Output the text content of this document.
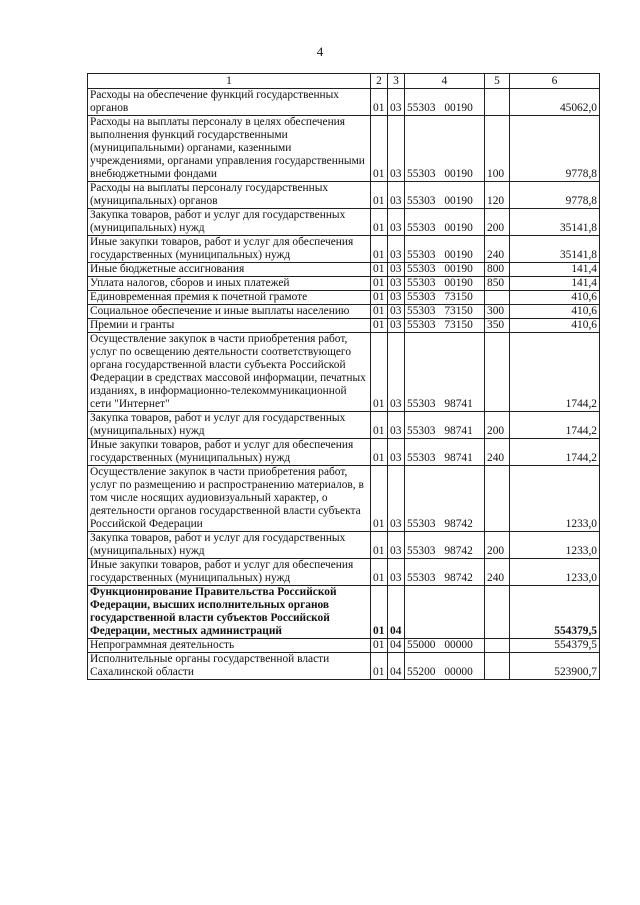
4
1	2	3	4	5	6
Расходы на обеспечение функций государственных органов	01	03	55303 00190		45062,0
Расходы на выплаты персоналу в целях обеспечения выполнения функций государственными (муниципальными) органами, казенными учреждениями, органами управления государственными внебюджетными фондами	01	03	55303 00190	100	9778,8
Расходы на выплаты персоналу государственных (муниципальных) органов	01	03	55303 00190	120	9778,8
Закупка товаров, работ и услуг для государственных (муниципальных) нужд	01	03	55303 00190	200	35141,8
Иные закупки товаров, работ и услуг для обеспечения государственных (муниципальных) нужд	01	03	55303 00190	240	35141,8
Иные бюджетные ассигнования	01	03	55303 00190	800	141,4
Уплата налогов, сборов и иных платежей	01	03	55303 00190	850	141,4
Единовременная премия к почетной грамоте	01	03	55303 73150		410,6
Социальное обеспечение и иные выплаты населению	01	03	55303 73150	300	410,6
Премии и гранты	01	03	55303 73150	350	410,6
Осуществление закупок в части приобретения работ, услуг по освещению деятельности соответствующего органа государственной власти субъекта Российской Федерации в средствах массовой информации, печатных изданиях, в информационно-телекоммуникационной сети "Интернет"	01	03	55303 98741		1744,2
Закупка товаров, работ и услуг для государственных (муниципальных) нужд	01	03	55303 98741	200	1744,2
Иные закупки товаров, работ и услуг для обеспечения государственных (муниципальных) нужд	01	03	55303 98741	240	1744,2
Осуществление закупок в части приобретения работ, услуг по размещению и распространению материалов, в том числе носящих аудиовизуальный характер, о деятельности органов государственной власти субъекта Российской Федерации	01	03	55303 98742		1233,0
Закупка товаров, работ и услуг для государственных (муниципальных) нужд	01	03	55303 98742	200	1233,0
Иные закупки товаров, работ и услуг для обеспечения государственных (муниципальных) нужд	01	03	55303 98742	240	1233,0
Функционирование Правительства Российской Федерации, высших исполнительных органов государственной власти субъектов Российской Федерации, местных администраций	01	04			554379,5
Непрограммная деятельность	01	04	55000 00000		554379,5
Исполнительные органы государственной власти Сахалинской области	01	04	55200 00000		523900,7
